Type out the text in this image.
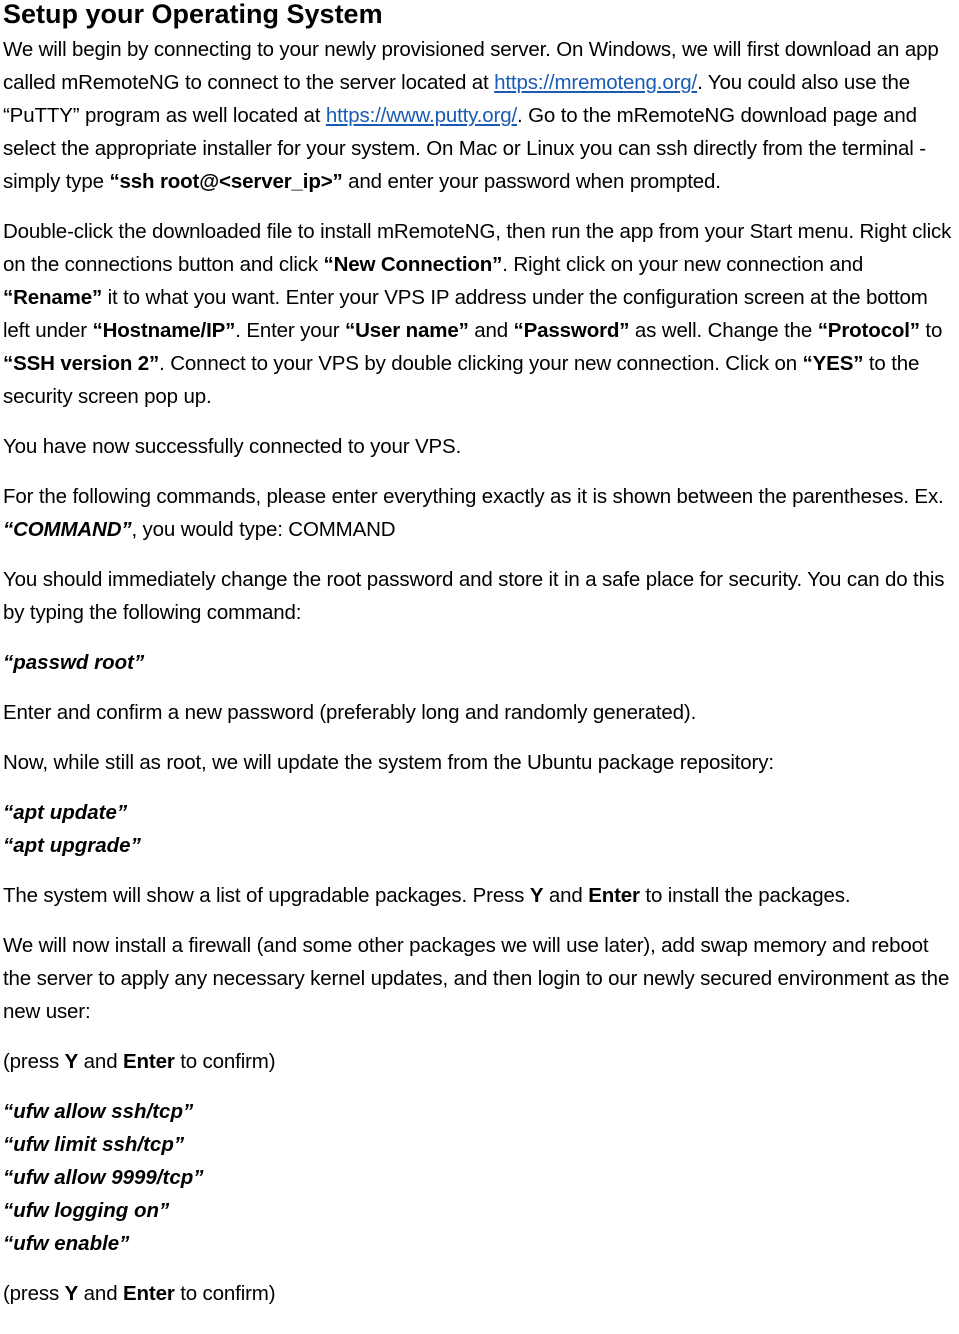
Setup your Operating System

We will begin by connecting to your newly provisioned server. On Windows, we will first download an app called mRemoteNG to connect to the server located at https://mremoteng.org/. You could also use the “PuTTY” program as well located at https://www.putty.org/. Go to the mRemoteNG download page and select the appropriate installer for your system. On Mac or Linux you can ssh directly from the terminal - simply type “ssh root@<server_ip>” and enter your password when prompted.

Double-click the downloaded file to install mRemoteNG, then run the app from your Start menu. Right click on the connections button and click “New Connection”. Right click on your new connection and “Rename” it to what you want. Enter your VPS IP address under the configuration screen at the bottom left under “Hostname/IP”. Enter your “User name” and “Password” as well. Change the “Protocol” to “SSH version 2”. Connect to your VPS by double clicking your new connection. Click on “YES” to the security screen pop up.

You have now successfully connected to your VPS.

For the following commands, please enter everything exactly as it is shown between the parentheses. Ex. “COMMAND”, you would type: COMMAND

You should immediately change the root password and store it in a safe place for security. You can do this by typing the following command:

“passwd root”

Enter and confirm a new password (preferably long and randomly generated).

Now, while still as root, we will update the system from the Ubuntu package repository:

“apt update”
“apt upgrade”

The system will show a list of upgradable packages. Press Y and Enter to install the packages.

We will now install a firewall (and some other packages we will use later), add swap memory and reboot the server to apply any necessary kernel updates, and then login to our newly secured environment as the new user:

(press Y and Enter to confirm)

“ufw allow ssh/tcp”
“ufw limit ssh/tcp”
“ufw allow 9999/tcp”
“ufw logging on”
“ufw enable”

(press Y and Enter to confirm)
